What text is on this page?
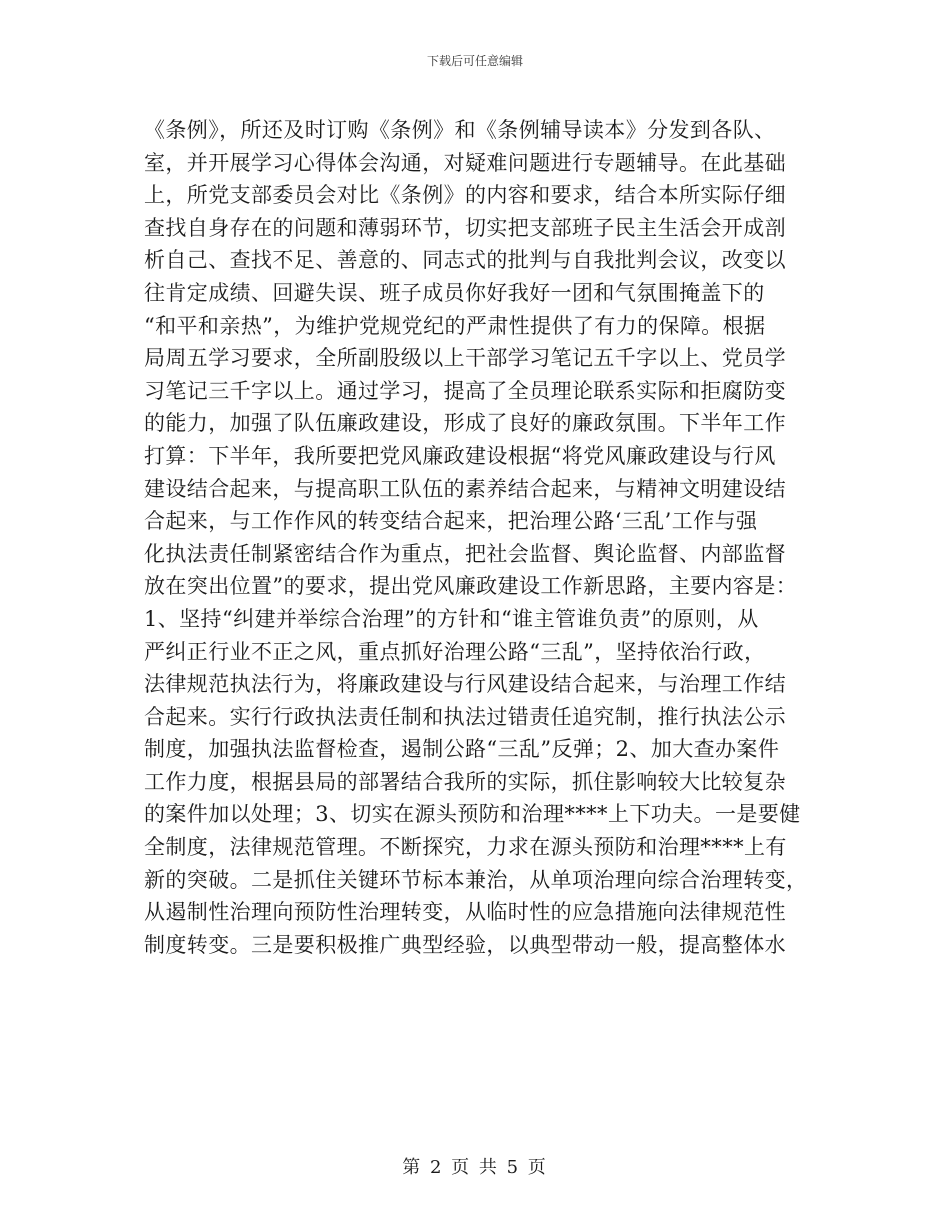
下载后可任意编辑
《条例》，所还及时订购《条例》和《条例辅导读本》分发到各队、
室，并开展学习心得体会沟通，对疑难问题进行专题辅导。在此基础
上，所党支部委员会对比《条例》的内容和要求，结合本所实际仔细
查找自身存在的问题和薄弱环节，切实把支部班子民主生活会开成剖
析自己、查找不足、善意的、同志式的批判与自我批判会议，改变以
往肯定成绩、回避失误、班子成员你好我好一团和气氛围掩盖下的
“和平和亲热”，为维护党规党纪的严肃性提供了有力的保障。根据
局周五学习要求，全所副股级以上干部学习笔记五千字以上、党员学
习笔记三千字以上。通过学习，提高了全员理论联系实际和拒腐防变
的能力，加强了队伍廉政建设，形成了良好的廉政氛围。下半年工作
打算：下半年，我所要把党风廉政建设根据“将党风廉政建设与行风
建设结合起来，与提高职工队伍的素养结合起来，与精神文明建设结
合起来，与工作作风的转变结合起来，把治理公路‘三乱’工作与强
化执法责任制紧密结合作为重点，把社会监督、舆论监督、内部监督
放在突出位置”的要求，提出党风廉政建设工作新思路，主要内容是：
1、坚持“纠建并举综合治理”的方针和“谁主管谁负责”的原则，从
严纠正行业不正之风，重点抓好治理公路“三乱”，坚持依治行政，
法律规范执法行为，将廉政建设与行风建设结合起来，与治理工作结
合起来。实行行政执法责任制和执法过错责任追究制，推行执法公示
制度，加强执法监督检查，遏制公路“三乱”反弹；2、加大查办案件
工作力度，根据县局的部署结合我所的实际，抓住影响较大比较复杂
的案件加以处理；3、切实在源头预防和治理****上下功夫。一是要健
全制度，法律规范管理。不断探究，力求在源头预防和治理****上有
新的突破。二是抓住关键环节标本兼治，从单项治理向综合治理转变，
从遏制性治理向预防性治理转变，从临时性的应急措施向法律规范性
制度转变。三是要积极推广典型经验，以典型带动一般，提高整体水
第 2 页 共 5 页
